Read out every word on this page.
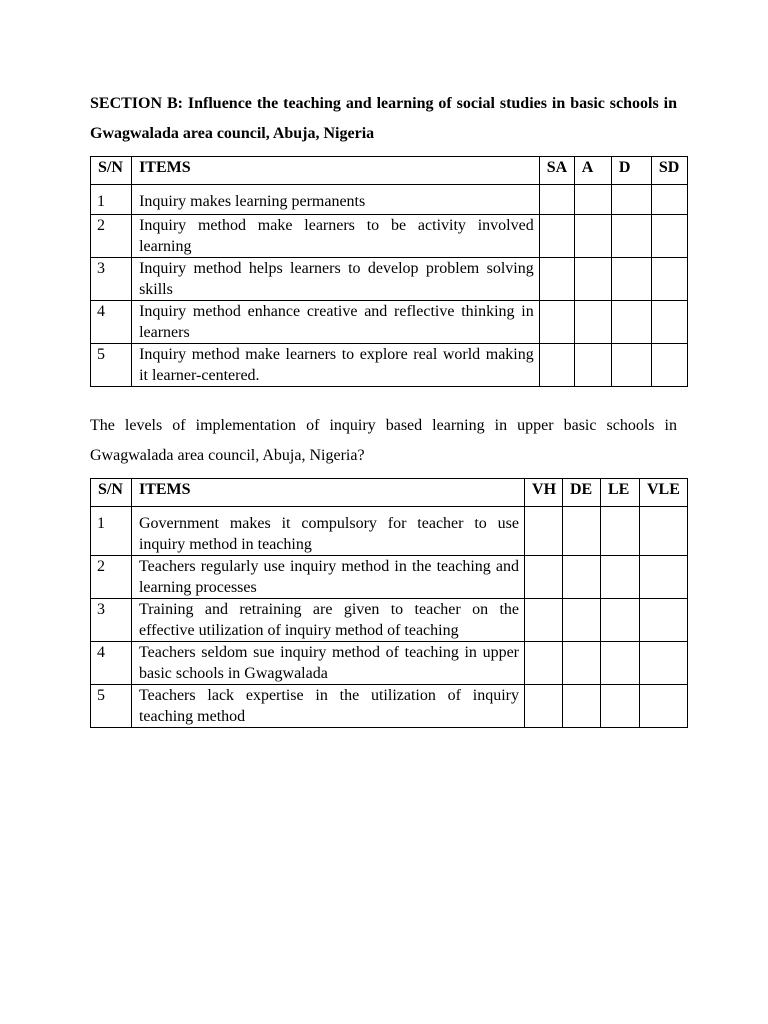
SECTION B: Influence the teaching and learning of social studies in basic schools in Gwagwalada area council, Abuja, Nigeria
S/N	ITEMS	SA	A	D	SD
1	Inquiry makes learning permanents				
2	Inquiry method make learners to be activity involved learning				
3	Inquiry method helps learners to develop problem solving skills				
4	Inquiry method enhance creative and reflective thinking in learners				
5	Inquiry method make learners to explore real world making it learner-centered.				
The levels of implementation of inquiry based learning in upper basic schools in Gwagwalada area council, Abuja, Nigeria?
S/N	ITEMS	VH	DE	LE	VLE
1	Government makes it compulsory for teacher to use inquiry method in teaching				
2	Teachers regularly use inquiry method in the teaching and learning processes				
3	Training and retraining are given to teacher on the effective utilization of inquiry method of teaching				
4	Teachers seldom sue inquiry method of teaching in upper basic schools in Gwagwalada				
5	Teachers lack expertise in the utilization of inquiry teaching method				
